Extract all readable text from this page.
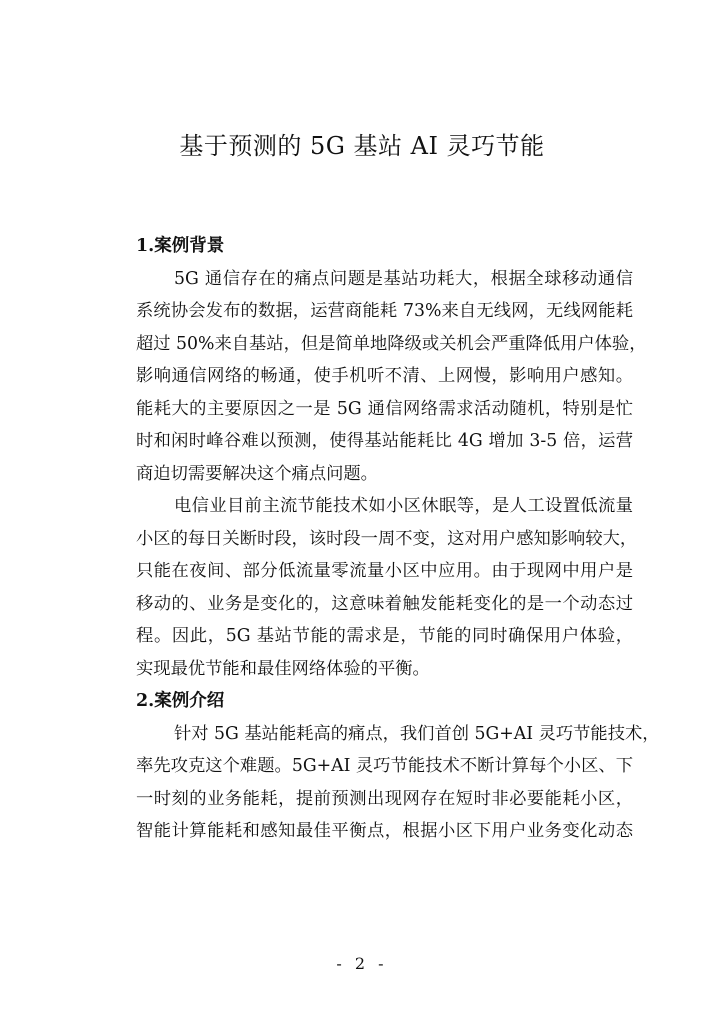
基于预测的 5G 基站 AI 灵巧节能
1.案例背景
5G 通信存在的痛点问题是基站功耗大，根据全球移动通信
系统协会发布的数据，运营商能耗 73%来自无线网，无线网能耗
超过 50%来自基站，但是简单地降级或关机会严重降低用户体验，
影响通信网络的畅通，使手机听不清、上网慢，影响用户感知。
能耗大的主要原因之一是 5G 通信网络需求活动随机，特别是忙
时和闲时峰谷难以预测，使得基站能耗比 4G 增加 3-5 倍，运营
商迫切需要解决这个痛点问题。
电信业目前主流节能技术如小区休眠等，是人工设置低流量
小区的每日关断时段，该时段一周不变，这对用户感知影响较大，
只能在夜间、部分低流量零流量小区中应用。由于现网中用户是
移动的、业务是变化的，这意味着触发能耗变化的是一个动态过
程。因此，5G 基站节能的需求是，节能的同时确保用户体验，
实现最优节能和最佳网络体验的平衡。
2.案例介绍
针对 5G 基站能耗高的痛点，我们首创 5G+AI 灵巧节能技术，
率先攻克这个难题。5G+AI 灵巧节能技术不断计算每个小区、下
一时刻的业务能耗，提前预测出现网存在短时非必要能耗小区，
智能计算能耗和感知最佳平衡点，根据小区下用户业务变化动态
- 2 -
